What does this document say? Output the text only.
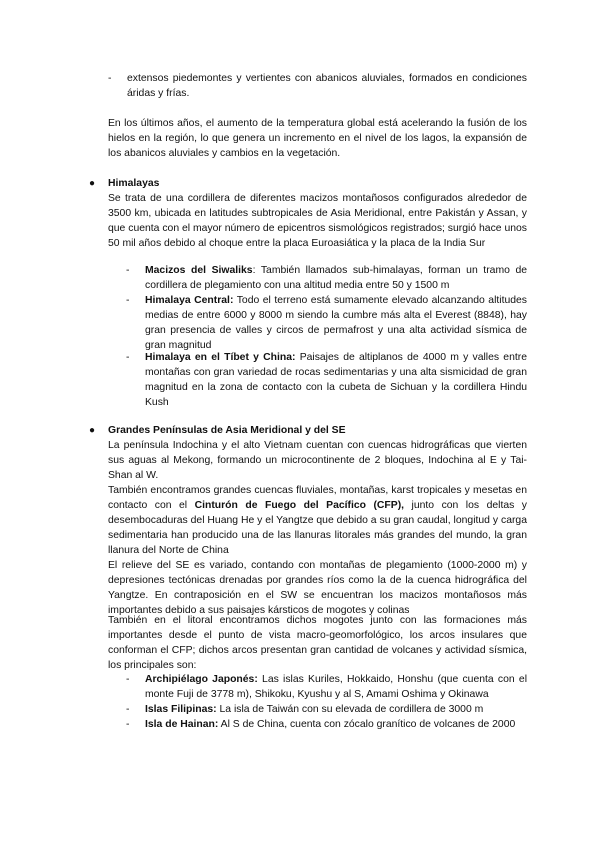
- extensos piedemontes y vertientes con abanicos aluviales, formados en condiciones áridas y frías.
En los últimos años, el aumento de la temperatura global está acelerando la fusión de los hielos en la región, lo que genera un incremento en el nivel de los lagos, la expansión de los abanicos aluviales y cambios en la vegetación.
● Himalayas
Se trata de una cordillera de diferentes macizos montañosos configurados alrededor de 3500 km, ubicada en latitudes subtropicales de Asia Meridional, entre Pakistán y Assan, y que cuenta con el mayor número de epicentros sismológicos registrados; surgió hace unos 50 mil años debido al choque entre la placa Euroasiática y la placa de la India Sur
- Macizos del Siwaliks: También llamados sub-himalayas, forman un tramo de cordillera de plegamiento con una altitud media entre 50 y 1500 m
- Himalaya Central: Todo el terreno está sumamente elevado alcanzando altitudes medias de entre 6000 y 8000 m siendo la cumbre más alta el Everest (8848), hay gran presencia de valles y circos de permafrost y una alta actividad sísmica de gran magnitud
- Himalaya en el Tíbet y China: Paisajes de altiplanos de 4000 m y valles entre montañas con gran variedad de rocas sedimentarias y una alta sismicidad de gran magnitud en la zona de contacto con la cubeta de Sichuan y la cordillera Hindu Kush
● Grandes Penínsulas de Asia Meridional y del SE
La península Indochina y el alto Vietnam cuentan con cuencas hidrográficas que vierten sus aguas al Mekong, formando un microcontinente de 2 bloques, Indochina al E y Tai-Shan al W.
También encontramos grandes cuencas fluviales, montañas, karst tropicales y mesetas en contacto con el Cinturón de Fuego del Pacífico (CFP), junto con los deltas y desembocaduras del Huang He y el Yangtze que debido a su gran caudal, longitud y carga sedimentaria han producido una de las llanuras litorales más grandes del mundo, la gran llanura del Norte de China
El relieve del SE es variado, contando con montañas de plegamiento (1000-2000 m) y depresiones tectónicas drenadas por grandes ríos como la de la cuenca hidrográfica del Yangtze. En contraposición en el SW se encuentran los macizos montañosos más importantes debido a sus paisajes kársticos de mogotes y colinas
También en el litoral encontramos dichos mogotes junto con las formaciones más importantes desde el punto de vista macro-geomorfológico, los arcos insulares que conforman el CFP; dichos arcos presentan gran cantidad de volcanes y actividad sísmica, los principales son:
- Archipiélago Japonés: Las islas Kuriles, Hokkaido, Honshu (que cuenta con el monte Fuji de 3778 m), Shikoku, Kyushu y al S, Amami Oshima y Okinawa
- Islas Filipinas: La isla de Taiwán con su elevada de cordillera de 3000 m
- Isla de Hainan: Al S de China, cuenta con zócalo granítico de volcanes de 2000
